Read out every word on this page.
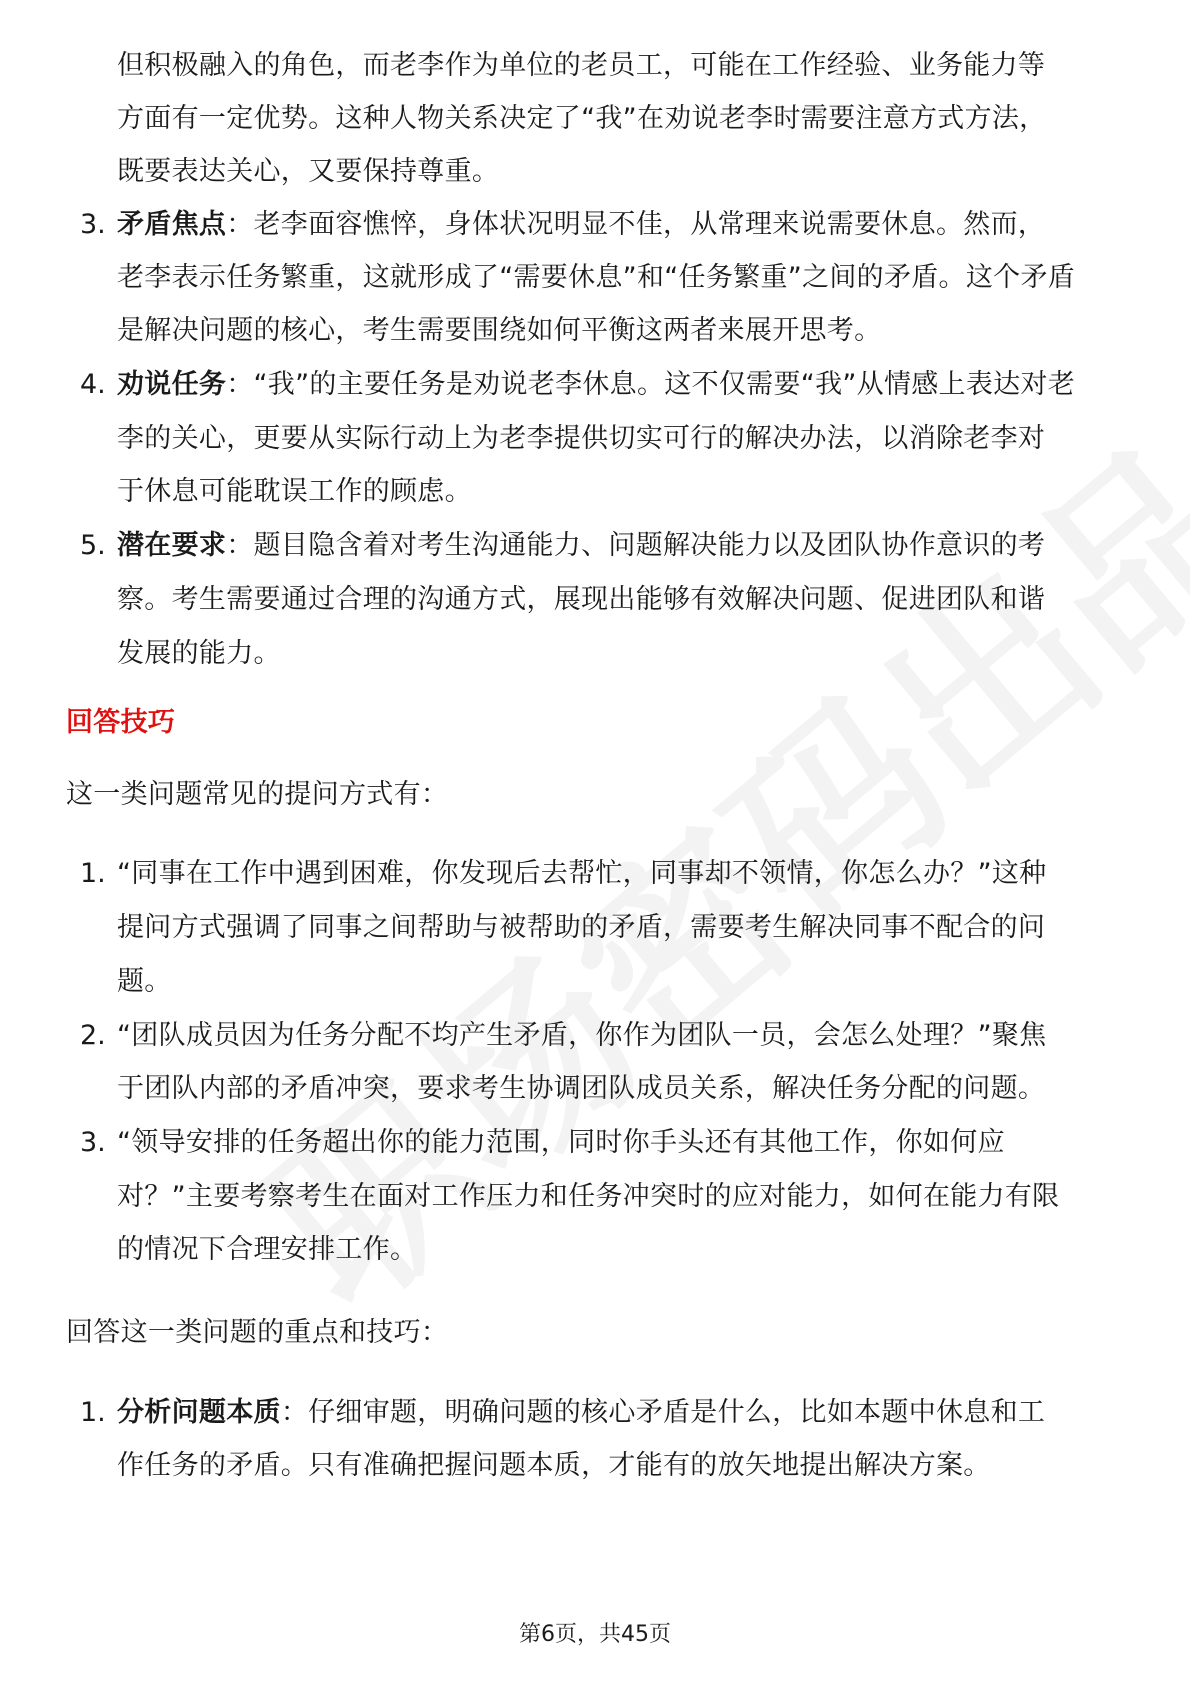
但积极融入的角色，而老李作为单位的老员工，可能在工作经验、业务能力等
方面有一定优势。这种人物关系决定了“我”在劝说老李时需要注意方式方法，
既要表达关心，又要保持尊重。
3. 矛盾焦点：老李面容憔悴，身体状况明显不佳，从常理来说需要休息。然而，
老李表示任务繁重，这就形成了“需要休息”和“任务繁重”之间的矛盾。这个矛盾
是解决问题的核心，考生需要围绕如何平衡这两者来展开思考。
4. 劝说任务：“我”的主要任务是劝说老李休息。这不仅需要“我”从情感上表达对老
李的关心，更要从实际行动上为老李提供切实可行的解决办法，以消除老李对
于休息可能耽误工作的顾虑。
5. 潜在要求：题目隐含着对考生沟通能力、问题解决能力以及团队协作意识的考
察。考生需要通过合理的沟通方式，展现出能够有效解决问题、促进团队和谐
发展的能力。
回答技巧
这一类问题常见的提问方式有：
1. “同事在工作中遇到困难，你发现后去帮忙，同事却不领情，你怎么办？”这种
提问方式强调了同事之间帮助与被帮助的矛盾，需要考生解决同事不配合的问
题。
2. “团队成员因为任务分配不均产生矛盾，你作为团队一员，会怎么处理？”聚焦
于团队内部的矛盾冲突，要求考生协调团队成员关系，解决任务分配的问题。
3. “领导安排的任务超出你的能力范围，同时你手头还有其他工作，你如何应
对？”主要考察考生在面对工作压力和任务冲突时的应对能力，如何在能力有限
的情况下合理安排工作。
回答这一类问题的重点和技巧：
1. 分析问题本质：仔细审题，明确问题的核心矛盾是什么，比如本题中休息和工
作任务的矛盾。只有准确把握问题本质，才能有的放矢地提出解决方案。
第6页，共45页
